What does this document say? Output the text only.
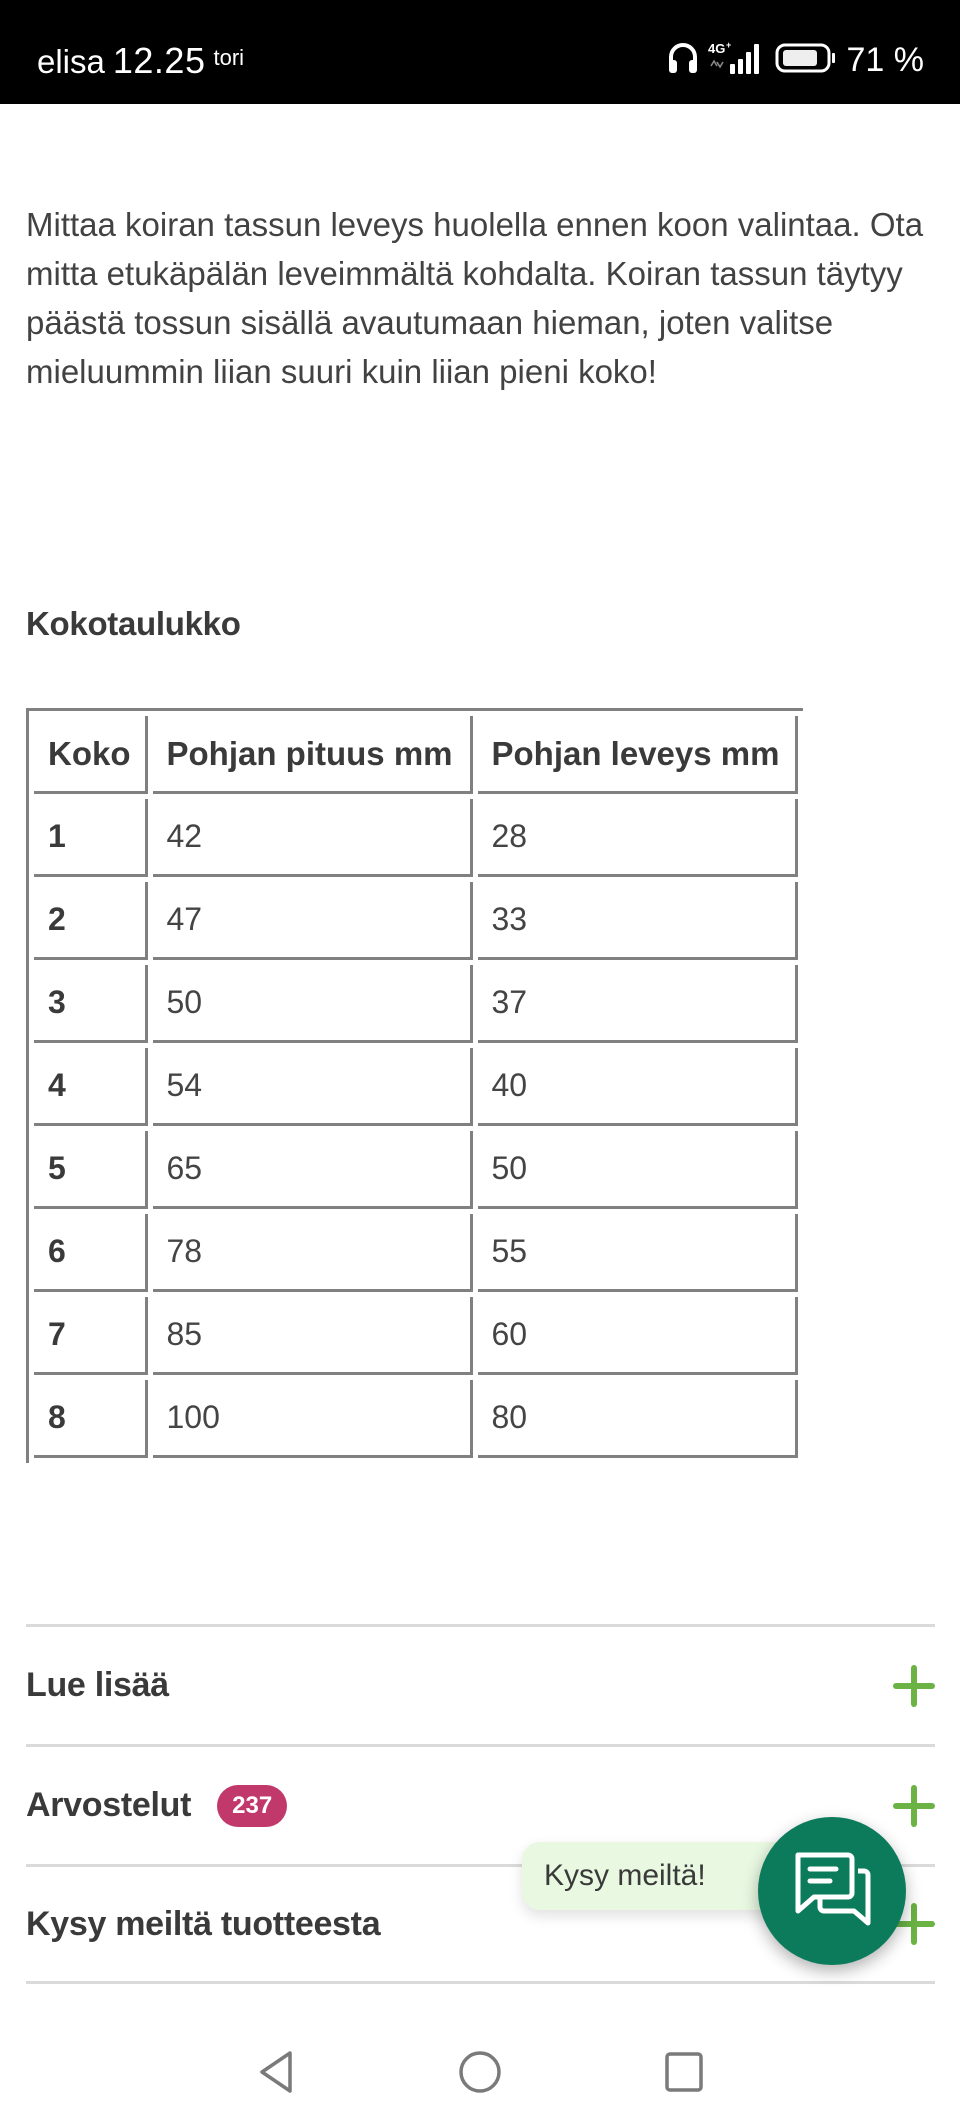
elisa 12.25 tori	4G +	71 %

Mittaa koiran tassun leveys huolella ennen koon valintaa. Ota mitta etukäpälän leveimmältä kohdalta. Koiran tassun täytyy päästä tossun sisällä avautumaan hieman, joten valitse mieluummin liian suuri kuin liian pieni koko!

Kokotaulukko
Koko	Pohjan pituus mm	Pohjan leveys mm
1	42	28
2	47	33
3	50	37
4	54	40
5	65	50
6	78	55
7	85	60
8	100	80
Lue lisää
Arvostelut	237
Kysy meiltä tuotteesta
Kysy meiltä!
